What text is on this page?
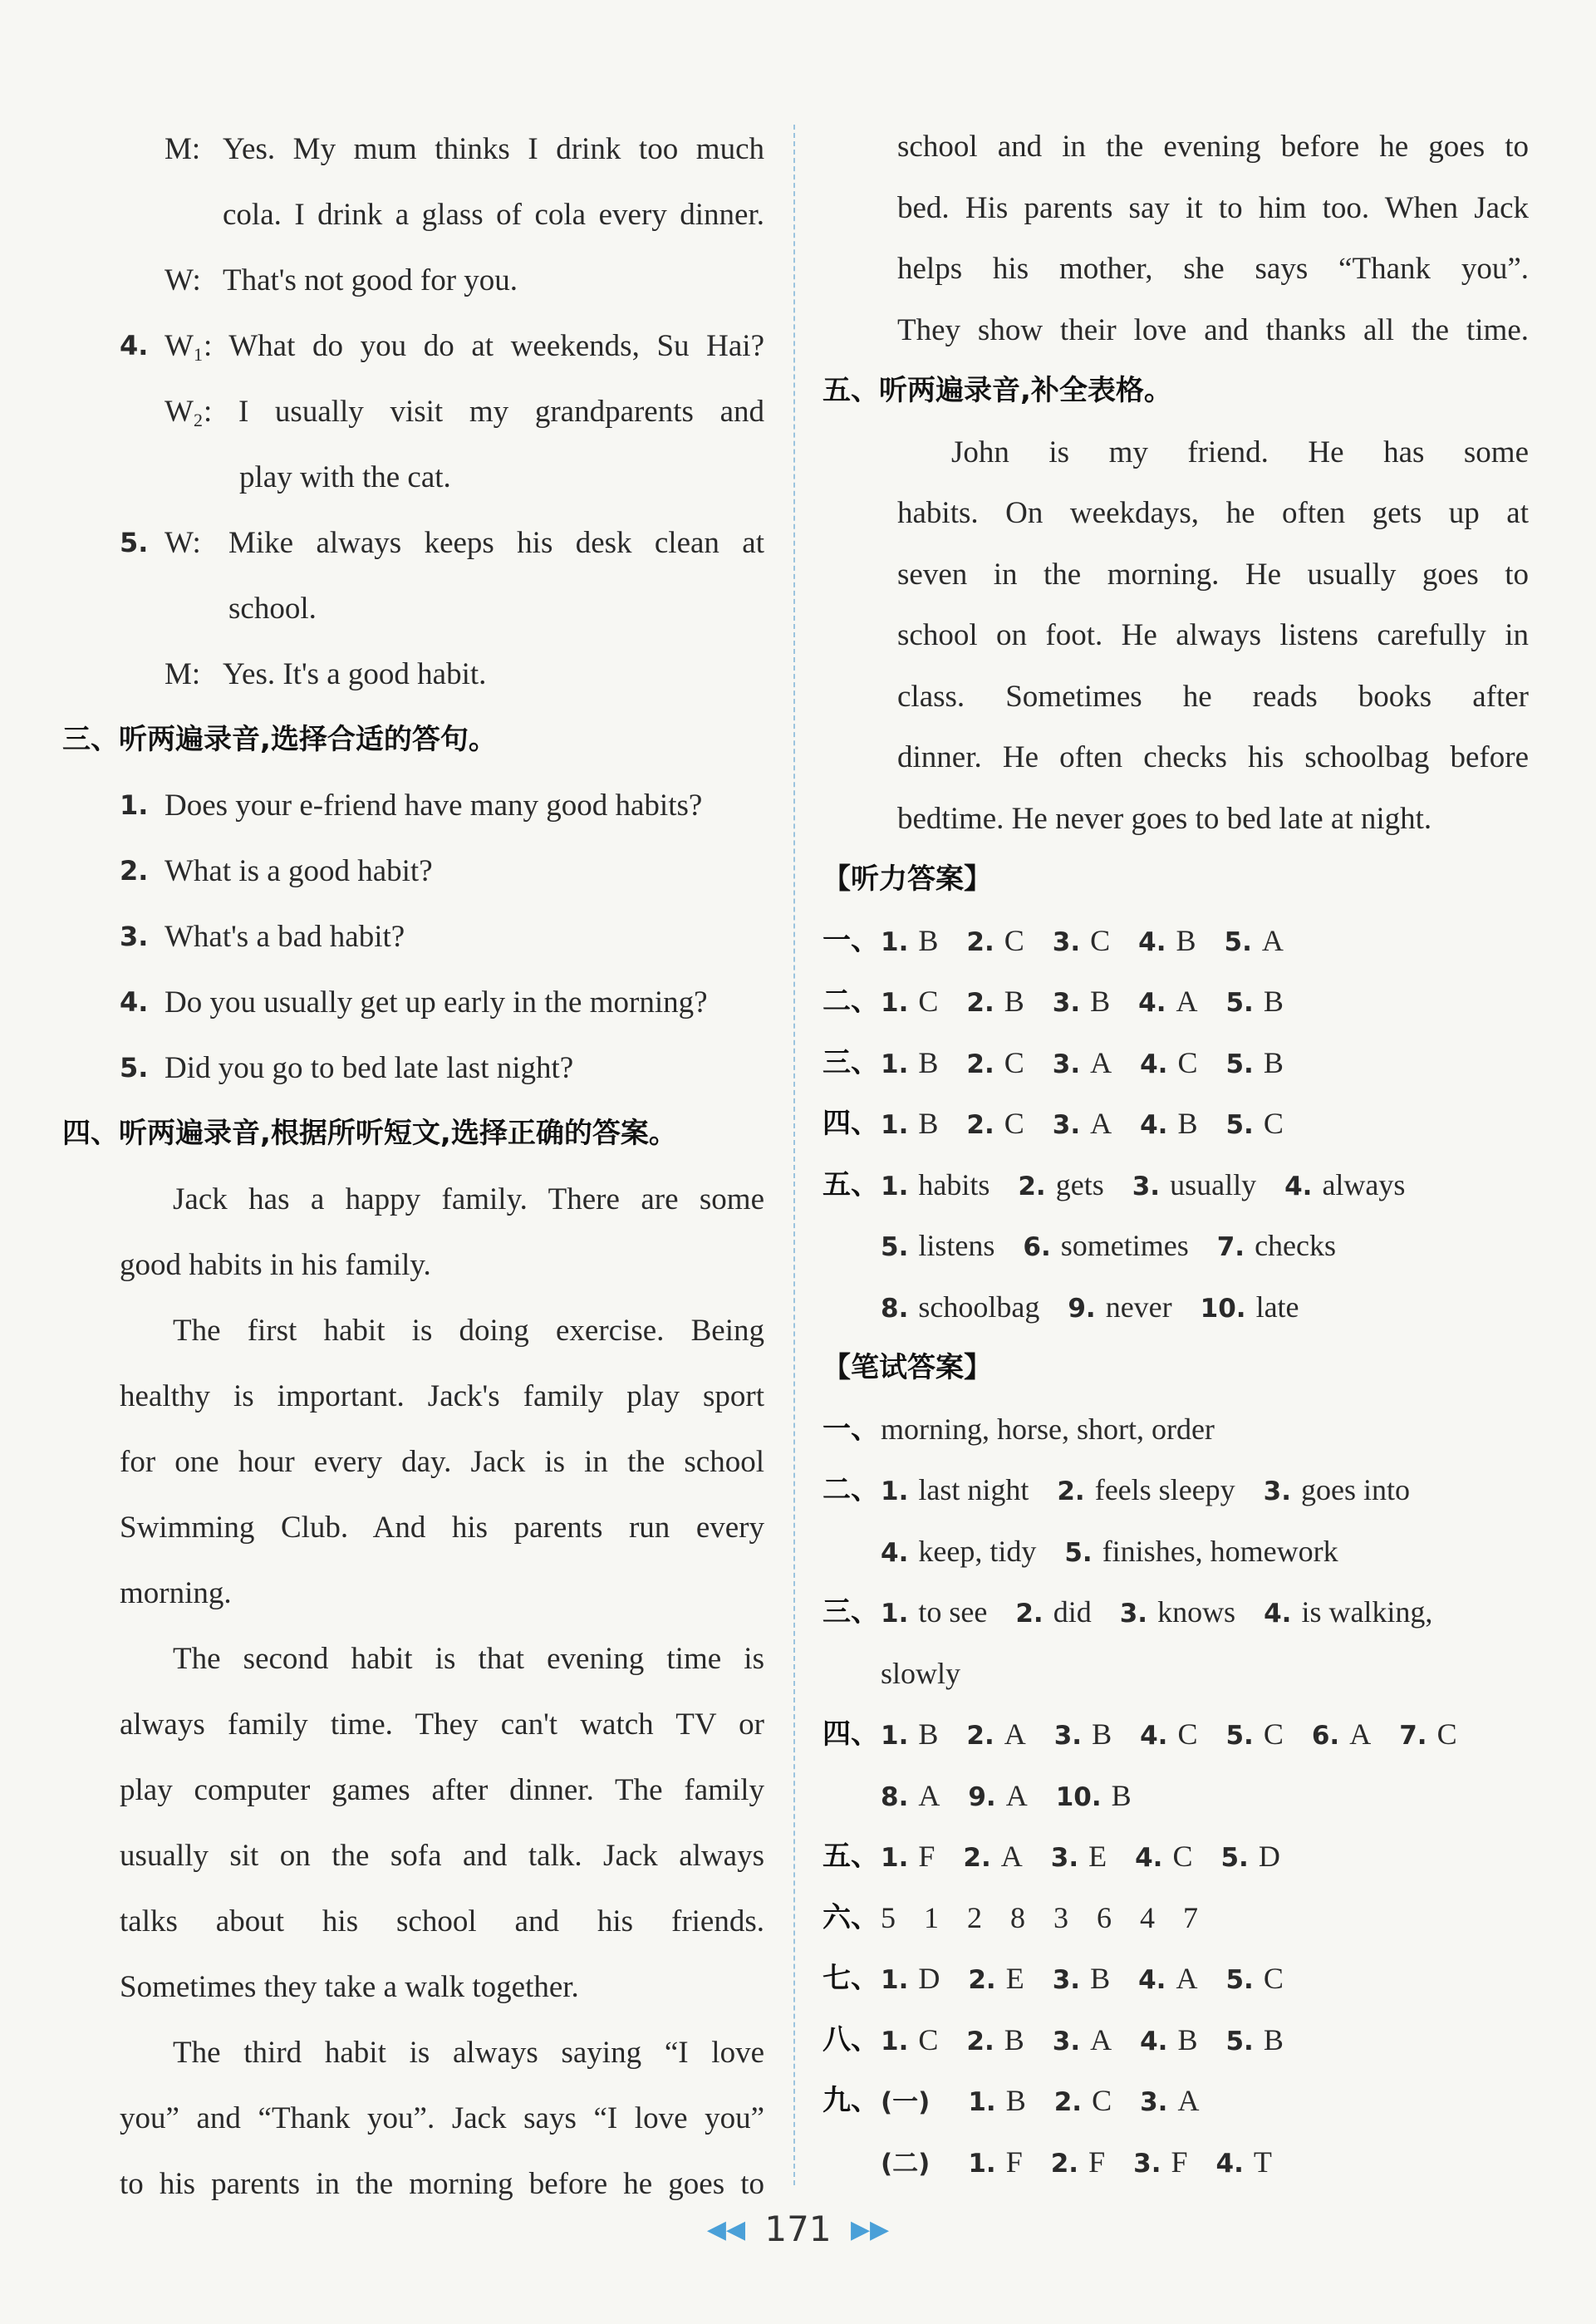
M: Yes. My mum thinks I drink too much
cola. I drink a glass of cola every dinner.
W: That's not good for you.
4. $W_1$ : What do you do at weekends, Su Hai?
$W_2$ : I usually visit my grandparents and
play with the cat.
5. W: Mike always keeps his desk clean at
school.
M: Yes. It's a good habit.
三、听两遍录音,选择合适的答句。
1. Does your e-friend have many good habits?
2. What is a good habit?
3. What's a bad habit?
4. Do you usually get up early in the morning?
5. Did you go to bed late last night?
四、听两遍录音,根据所听短文,选择正确的答案。
Jack has a happy family. There are some
good habits in his family.
The first habit is doing exercise. Being
healthy is important. Jack's family play sport
for one hour every day. Jack is in the school
Swimming Club. And his parents run every
morning.
The second habit is that evening time is
always family time. They can't watch TV or
play computer games after dinner. The family
usually sit on the sofa and talk. Jack always
talks about his school and his friends.
Sometimes they take a walk together.
The third habit is always saying “I love
you” and “Thank you”. Jack says “I love you”
to his parents in the morning before he goes to
school and in the evening before he goes to
bed. His parents say it to him too. When Jack
helps his mother, she says “Thank you”.
They show their love and thanks all the time.
五、听两遍录音,补全表格。
John is my friend. He has some
habits. On weekdays, he often gets up at
seven in the morning. He usually goes to
school on foot. He always listens carefully in
class. Sometimes he reads books after
dinner. He often checks his schoolbag before
bedtime. He never goes to bed late at night.
【听力答案】
一、 1. B 2. C 3. C 4. B 5. A
二、 1. C 2. B 3. B 4. A 5. B
三、 1. B 2. C 3. A 4. C 5. B
四、 1. B 2. C 3. A 4. B 5. C
五、 1. habits 2. gets 3. usually 4. always
5. listens 6. sometimes 7. checks
8. schoolbag 9. never 10. late
【笔试答案】
一、 morning, horse, short, order
二、 1. last night 2. feels sleepy 3. goes into
4. keep, tidy 5. finishes, homework
三、 1. to see 2. did 3. knows 4. is walking,
slowly
四、 1. B 2. A 3. B 4. C 5. C 6. A 7. C
8. A 9. A 10. B
五、 1. F 2. A 3. E 4. C 5. D
六、 5 1 2 8 3 6 4 7
七、 1. D 2. E 3. B 4. A 5. C
八、 1. C 2. B 3. A 4. B 5. B
九、 (一) 1. B 2. C 3. A
(二) 1. F 2. F 3. F 4. T
◀◀ 171 ▶▶
